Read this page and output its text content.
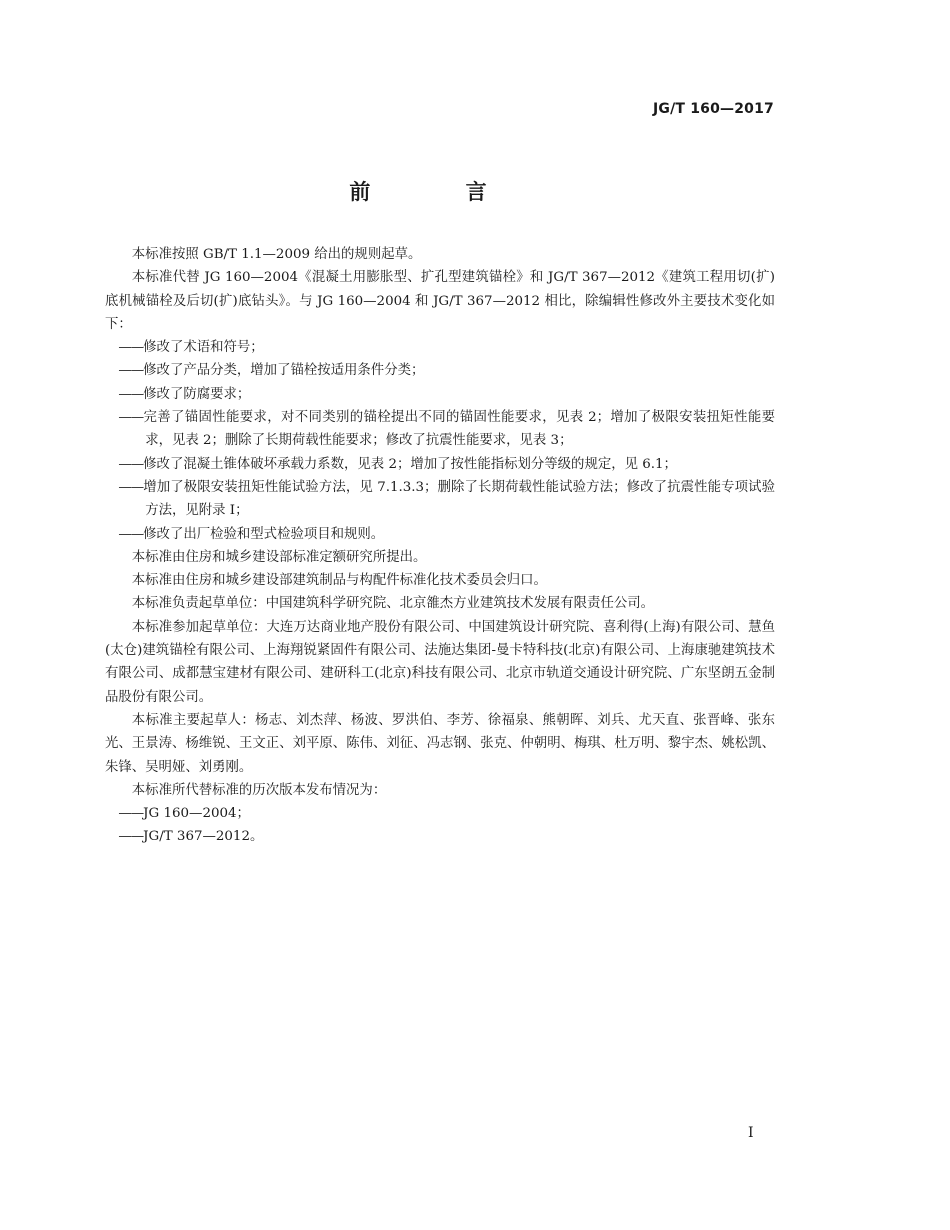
JG/T 160—2017
前 言

本标准按照 GB/T 1.1—2009 给出的规则起草。

本标准代替 JG 160—2004《混凝土用膨胀型、扩孔型建筑锚栓》和 JG/T 367—2012《建筑工程用切(扩)底机械锚栓及后切(扩)底钻头》。与 JG 160—2004 和 JG/T 367—2012 相比，除编辑性修改外主要技术变化如下：

——修改了术语和符号；

——修改了产品分类，增加了锚栓按适用条件分类；

——修改了防腐要求；

——完善了锚固性能要求，对不同类别的锚栓提出不同的锚固性能要求，见表 2；增加了极限安装扭矩性能要求，见表 2；删除了长期荷载性能要求；修改了抗震性能要求，见表 3；

——修改了混凝土锥体破坏承载力系数，见表 2；增加了按性能指标划分等级的规定，见 6.1；

——增加了极限安装扭矩性能试验方法，见 7.1.3.3；删除了长期荷载性能试验方法；修改了抗震性能专项试验方法，见附录 I；

——修改了出厂检验和型式检验项目和规则。

本标准由住房和城乡建设部标准定额研究所提出。

本标准由住房和城乡建设部建筑制品与构配件标准化技术委员会归口。

本标准负责起草单位：中国建筑科学研究院、北京雒杰方业建筑技术发展有限责任公司。

本标准参加起草单位：大连万达商业地产股份有限公司、中国建筑设计研究院、喜利得(上海)有限公司、慧鱼(太仓)建筑锚栓有限公司、上海翔锐紧固件有限公司、法施达集团-曼卡特科技(北京)有限公司、上海康驰建筑技术有限公司、成都慧宝建材有限公司、建研科工(北京)科技有限公司、北京市轨道交通设计研究院、广东坚朗五金制品股份有限公司。

本标准主要起草人：杨志、刘杰萍、杨波、罗洪伯、李芳、徐福泉、熊朝晖、刘兵、尤天直、张晋峰、张东光、王景涛、杨维锐、王文正、刘平原、陈伟、刘征、冯志钢、张克、仲朝明、梅琪、杜万明、黎宇杰、姚松凯、朱锋、吴明娅、刘勇刚。

本标准所代替标准的历次版本发布情况为：

——JG 160—2004；

——JG/T 367—2012。

I
